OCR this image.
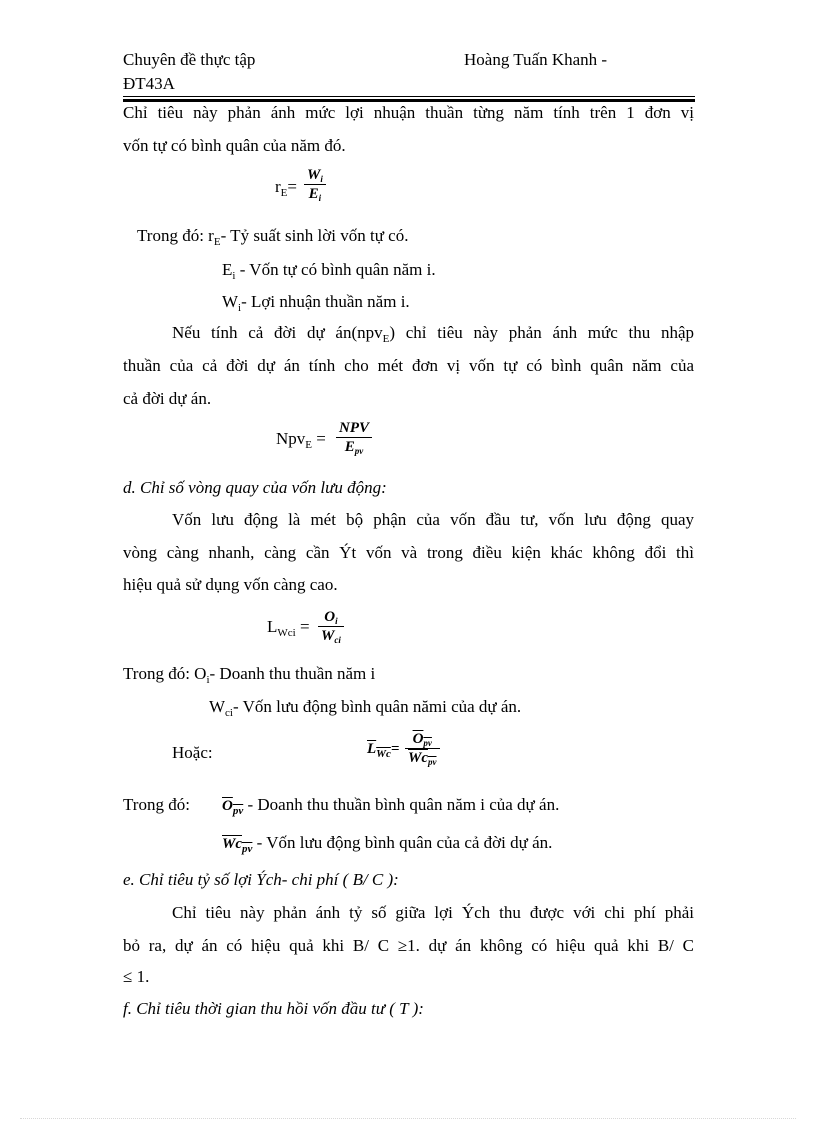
Chuyên đề thực tập	Hoàng Tuấn Khanh -
ĐT43A
Chỉ tiêu này phản ánh mức lợi nhuận thuần từng năm tính trên 1 đơn vị
vốn tự có bình quân của năm đó.
$r_E= \frac{W_i}{E_i}$
Trong đó: $r_E-$ Tỷ suất sinh lời vốn tự có.
$E_i$ - Vốn tự có bình quân năm i.
$W_i-$ Lợi nhuận thuần năm i.
Nếu tính cả đời dự án(npv$_E$) chỉ tiêu này phản ánh mức thu nhập
thuần của cả đời dự án tính cho mét đơn vị vốn tự có bình quân năm của
cả đời dự án.
Npv$_E$ =
NPV
$E_{pv}$
d. Chỉ số vòng quay của vốn lưu động:
Vốn lưu động là mét bộ phận của vốn đầu tư, vốn lưu động quay
vòng càng nhanh, càng cần Ýt vốn và trong điều kiện khác không đổi thì
hiệu quả sử dụng vốn càng cao.
$L_{Wci} = O_i$
$W_{ci}$
Trong đó: $O_i-$ Doanh thu thuần năm i
$W_{ci}-$ Vốn lưu động bình quân nămi của dự án.
Hoặc:	$L_{Wc}=$
$O_{pv}$
$Wc_{pv}$
Trong đó: $O_{pv}$ - Doanh thu thuần bình quân năm i của dự án.
$Wc_{pv}$ - Vốn lưu động bình quân của cả đời dự án.
e. Chỉ tiêu tỷ số lợi Ých- chi phí ( B/ C ):
Chỉ tiêu này phản ánh tỷ số giữa lợi Ých thu được với chi phí phải
bỏ ra, dự án có hiệu quả khi B/ C ≥1. dự án không có hiệu quả khi B/ C
≤ 1.
f. Chỉ tiêu thời gian thu hồi vốn đầu tư ( T ):
